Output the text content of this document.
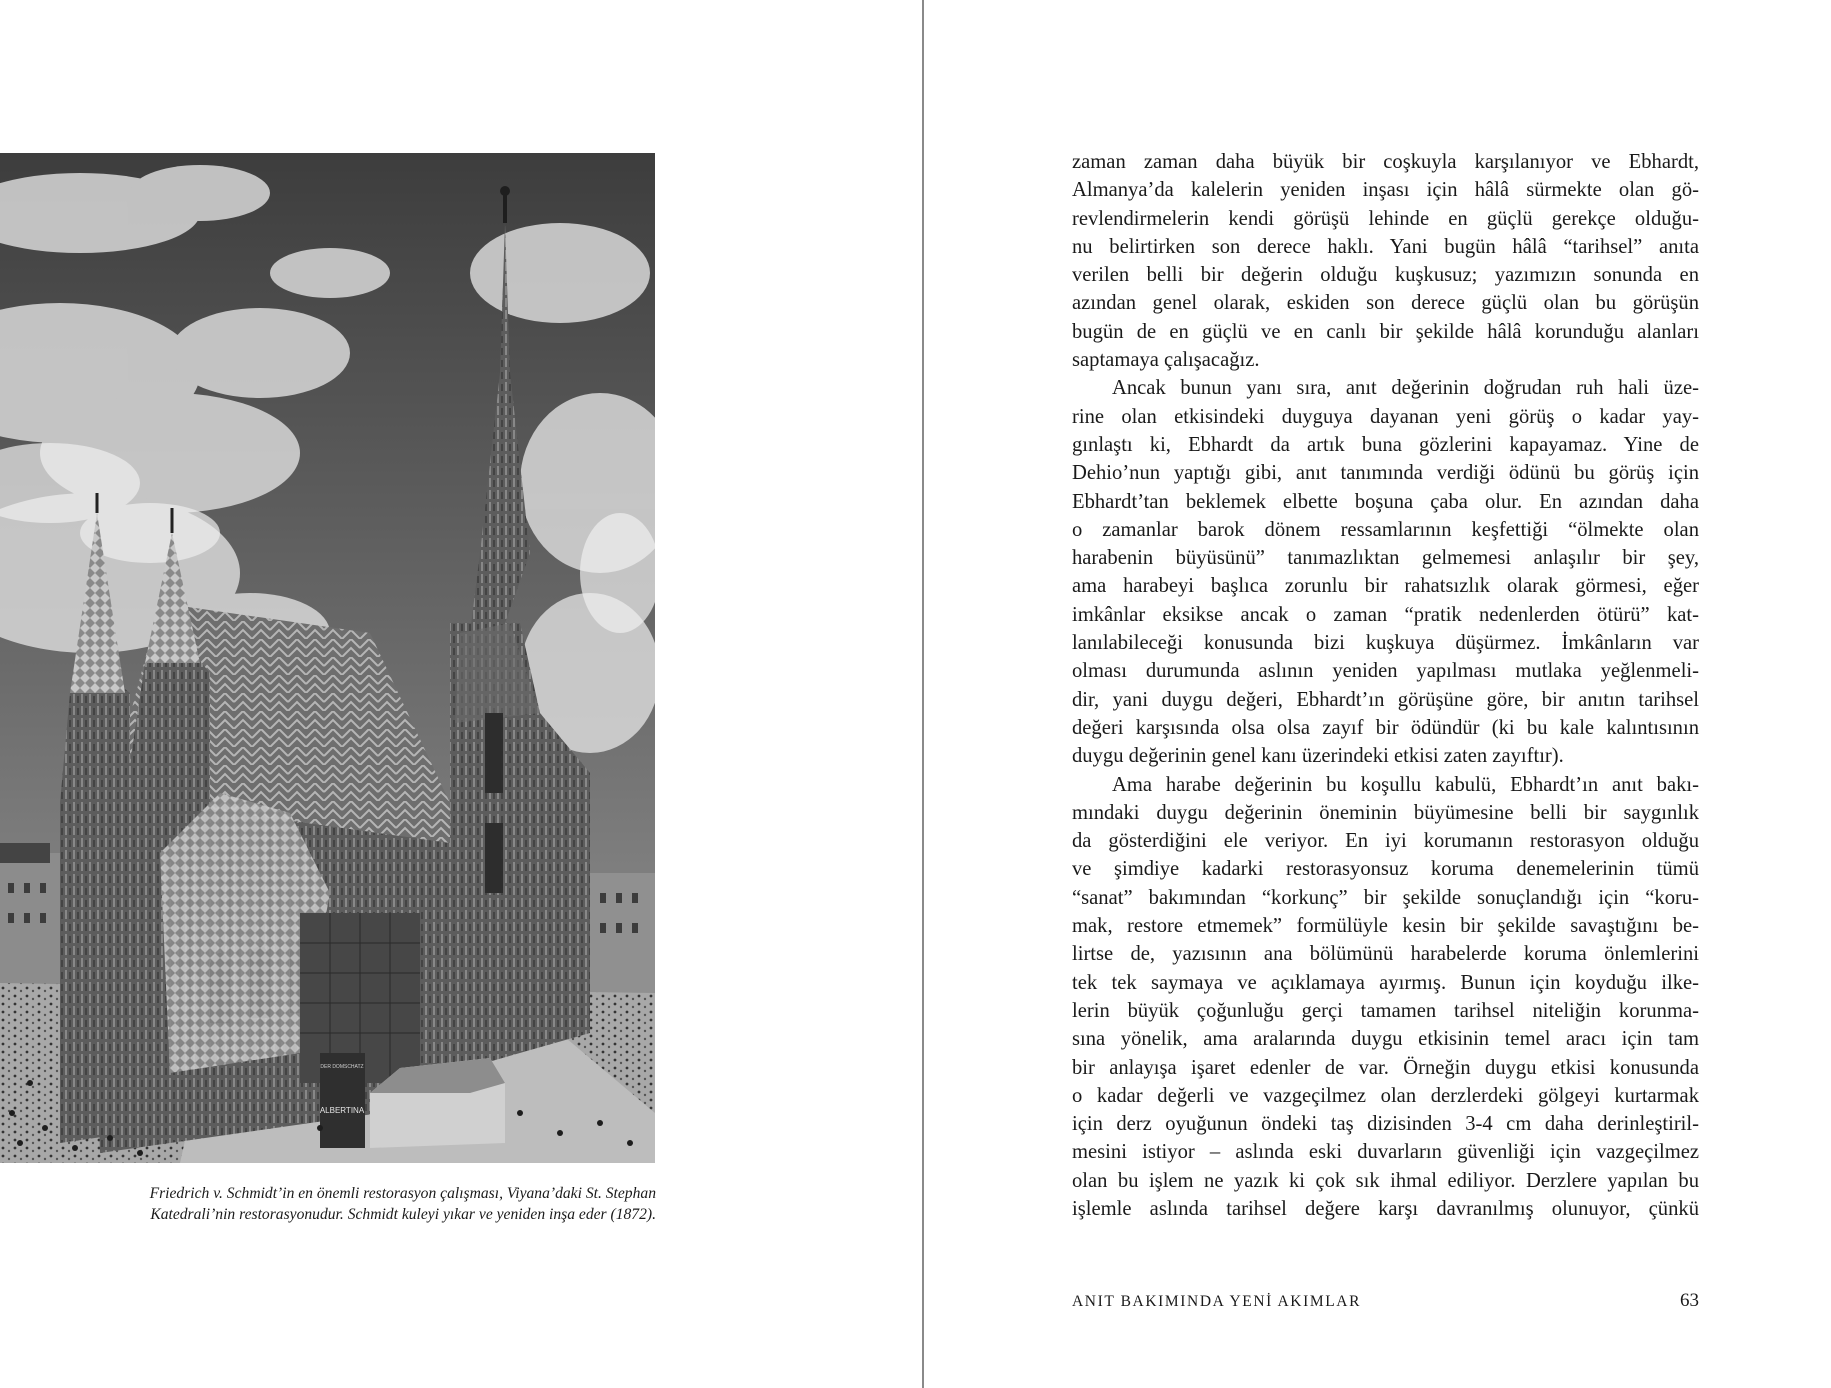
ALBERTINA
DER DOMSCHATZ
Friedrich v. Schmidt’in en önemli restorasyon çalışması, Viyana’daki St. Stephan
Katedrali’nin restorasyonudur. Schmidt kuleyi yıkar ve yeniden inşa eder (1872).
zaman zaman daha büyük bir coşkuyla karşılanıyor ve Ebhardt,
Almanya’da kalelerin yeniden inşası için hâlâ sürmekte olan gö-
revlendirmelerin kendi görüşü lehinde en güçlü gerekçe olduğu-
nu belirtirken son derece haklı. Yani bugün hâlâ “tarihsel” anıta
verilen belli bir değerin olduğu kuşkusuz; yazımızın sonunda en
azından genel olarak, eskiden son derece güçlü olan bu görüşün
bugün de en güçlü ve en canlı bir şekilde hâlâ korunduğu alanları
saptamaya çalışacağız.
Ancak bunun yanı sıra, anıt değerinin doğrudan ruh hali üze-
rine olan etkisindeki duyguya dayanan yeni görüş o kadar yay-
gınlaştı ki, Ebhardt da artık buna gözlerini kapayamaz. Yine de
Dehio’nun yaptığı gibi, anıt tanımında verdiği ödünü bu görüş için
Ebhardt’tan beklemek elbette boşuna çaba olur. En azından daha
o zamanlar barok dönem ressamlarının keşfettiği “ölmekte olan
harabenin büyüsünü” tanımazlıktan gelmemesi anlaşılır bir şey,
ama harabeyi başlıca zorunlu bir rahatsızlık olarak görmesi, eğer
imkânlar eksikse ancak o zaman “pratik nedenlerden ötürü” kat-
lanılabileceği konusunda bizi kuşkuya düşürmez. İmkânların var
olması durumunda aslının yeniden yapılması mutlaka yeğlenmeli-
dir, yani duygu değeri, Ebhardt’ın görüşüne göre, bir anıtın tarihsel
değeri karşısında olsa olsa zayıf bir ödündür (ki bu kale kalıntısının
duygu değerinin genel kanı üzerindeki etkisi zaten zayıftır).
Ama harabe değerinin bu koşullu kabulü, Ebhardt’ın anıt bakı-
mındaki duygu değerinin öneminin büyümesine belli bir saygınlık
da gösterdiğini ele veriyor. En iyi korumanın restorasyon olduğu
ve şimdiye kadarki restorasyonsuz koruma denemelerinin tümü
“sanat” bakımından “korkunç” bir şekilde sonuçlandığı için “koru-
mak, restore etmemek” formülüyle kesin bir şekilde savaştığını be-
lirtse de, yazısının ana bölümünü harabelerde koruma önlemlerini
tek tek saymaya ve açıklamaya ayırmış. Bunun için koyduğu ilke-
lerin büyük çoğunluğu gerçi tamamen tarihsel niteliğin korunma-
sına yönelik, ama aralarında duygu etkisinin temel aracı için tam
bir anlayışa işaret edenler de var. Örneğin duygu etkisi konusunda
o kadar değerli ve vazgeçilmez olan derzlerdeki gölgeyi kurtarmak
için derz oyuğunun öndeki taş dizisinden 3-4 cm daha derinleştiril-
mesini istiyor – aslında eski duvarların güvenliği için vazgeçilmez
olan bu işlem ne yazık ki çok sık ihmal ediliyor. Derzlere yapılan bu
işlemle aslında tarihsel değere karşı davranılmış olunuyor, çünkü
ANIT BAKIMINDA YENİ AKIMLAR	63
